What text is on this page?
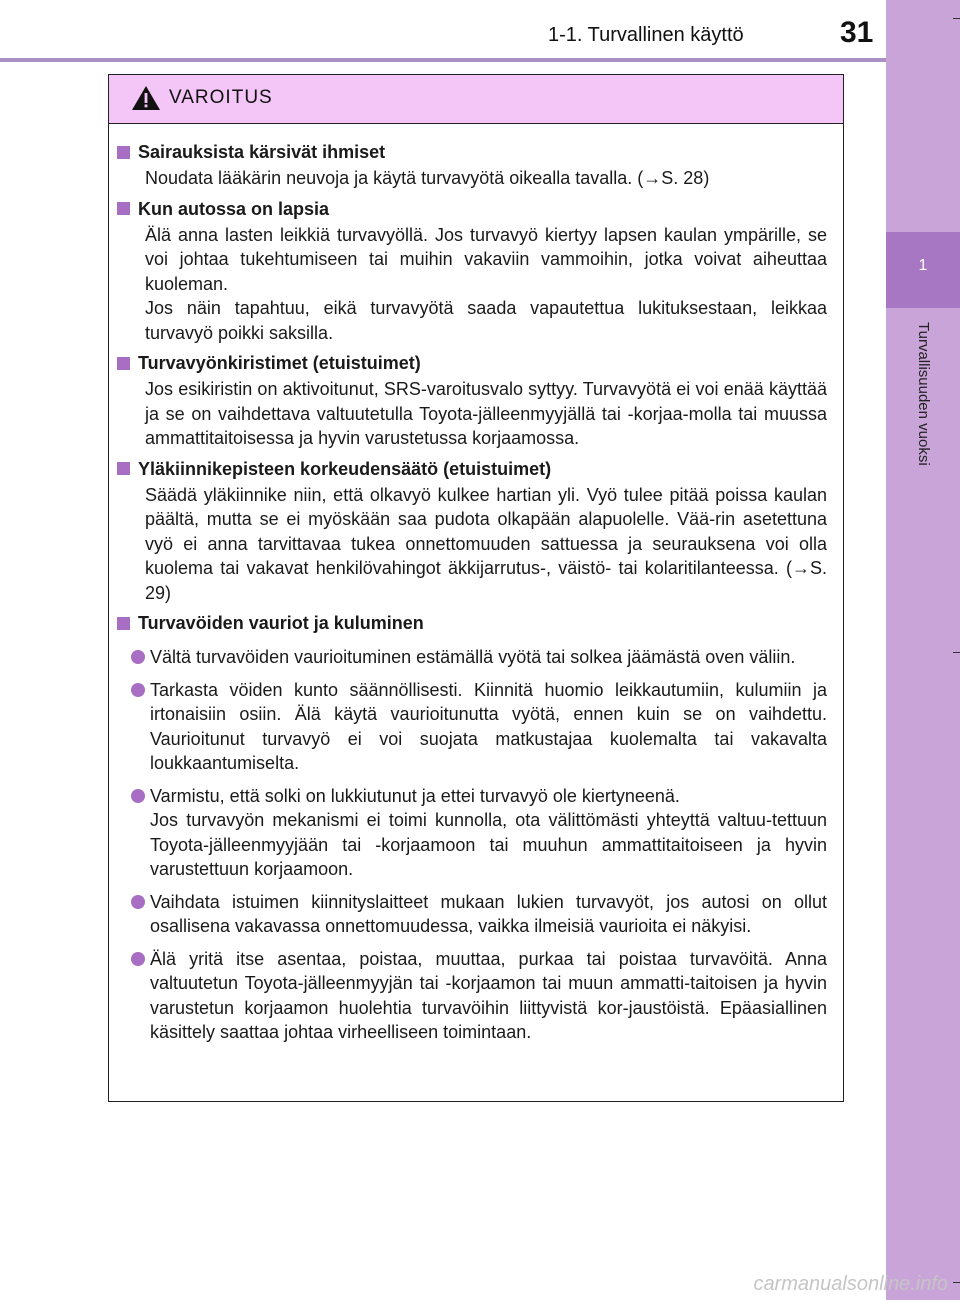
1-1. Turvallinen käyttö	31
1
Turvallisuuden vuoksi
VAROITUS
Sairauksista kärsivät ihmiset
Noudata lääkärin neuvoja ja käytä turvavyötä oikealla tavalla. (→S. 28)
Kun autossa on lapsia
Älä anna lasten leikkiä turvavyöllä. Jos turvavyö kiertyy lapsen kaulan ympärille, se voi johtaa tukehtumiseen tai muihin vakaviin vammoihin, jotka voivat aiheuttaa kuoleman.
Jos näin tapahtuu, eikä turvavyötä saada vapautettua lukituksestaan, leikkaa turvavyö poikki saksilla.
Turvavyönkiristimet (etuistuimet)
Jos esikiristin on aktivoitunut, SRS-varoitusvalo syttyy. Turvavyötä ei voi enää käyttää ja se on vaihdettava valtuutetulla Toyota-jälleenmyyjällä tai -korjaa-molla tai muussa ammattitaitoisessa ja hyvin varustetussa korjaamossa.
Yläkiinnikepisteen korkeudensäätö (etuistuimet)
Säädä yläkiinnike niin, että olkavyö kulkee hartian yli. Vyö tulee pitää poissa kaulan päältä, mutta se ei myöskään saa pudota olkapään alapuolelle. Vää-rin asetettuna vyö ei anna tarvittavaa tukea onnettomuuden sattuessa ja seurauksena voi olla kuolema tai vakavat henkilövahingot äkkijarrutus-, väistö- tai kolaritilanteessa. (→S. 29)
Turvavöiden vauriot ja kuluminen
Vältä turvavöiden vaurioituminen estämällä vyötä tai solkea jäämästä oven väliin.
Tarkasta vöiden kunto säännöllisesti. Kiinnitä huomio leikkautumiin, kulumiin ja irtonaisiin osiin. Älä käytä vaurioitunutta vyötä, ennen kuin se on vaihdettu. Vaurioitunut turvavyö ei voi suojata matkustajaa kuolemalta tai vakavalta loukkaantumiselta.
Varmistu, että solki on lukkiutunut ja ettei turvavyö ole kiertyneenä.
Jos turvavyön mekanismi ei toimi kunnolla, ota välittömästi yhteyttä valtuu-tettuun Toyota-jälleenmyyjään tai -korjaamoon tai muuhun ammattitaitoiseen ja hyvin varustettuun korjaamoon.
Vaihdata istuimen kiinnityslaitteet mukaan lukien turvavyöt, jos autosi on ollut osallisena vakavassa onnettomuudessa, vaikka ilmeisiä vaurioita ei näkyisi.
Älä yritä itse asentaa, poistaa, muuttaa, purkaa tai poistaa turvavöitä. Anna valtuutetun Toyota-jälleenmyyjän tai -korjaamon tai muun ammatti-taitoisen ja hyvin varustetun korjaamon huolehtia turvavöihin liittyvistä kor-jaustöistä. Epäasiallinen käsittely saattaa johtaa virheelliseen toimintaan.
carmanualsonline.info
